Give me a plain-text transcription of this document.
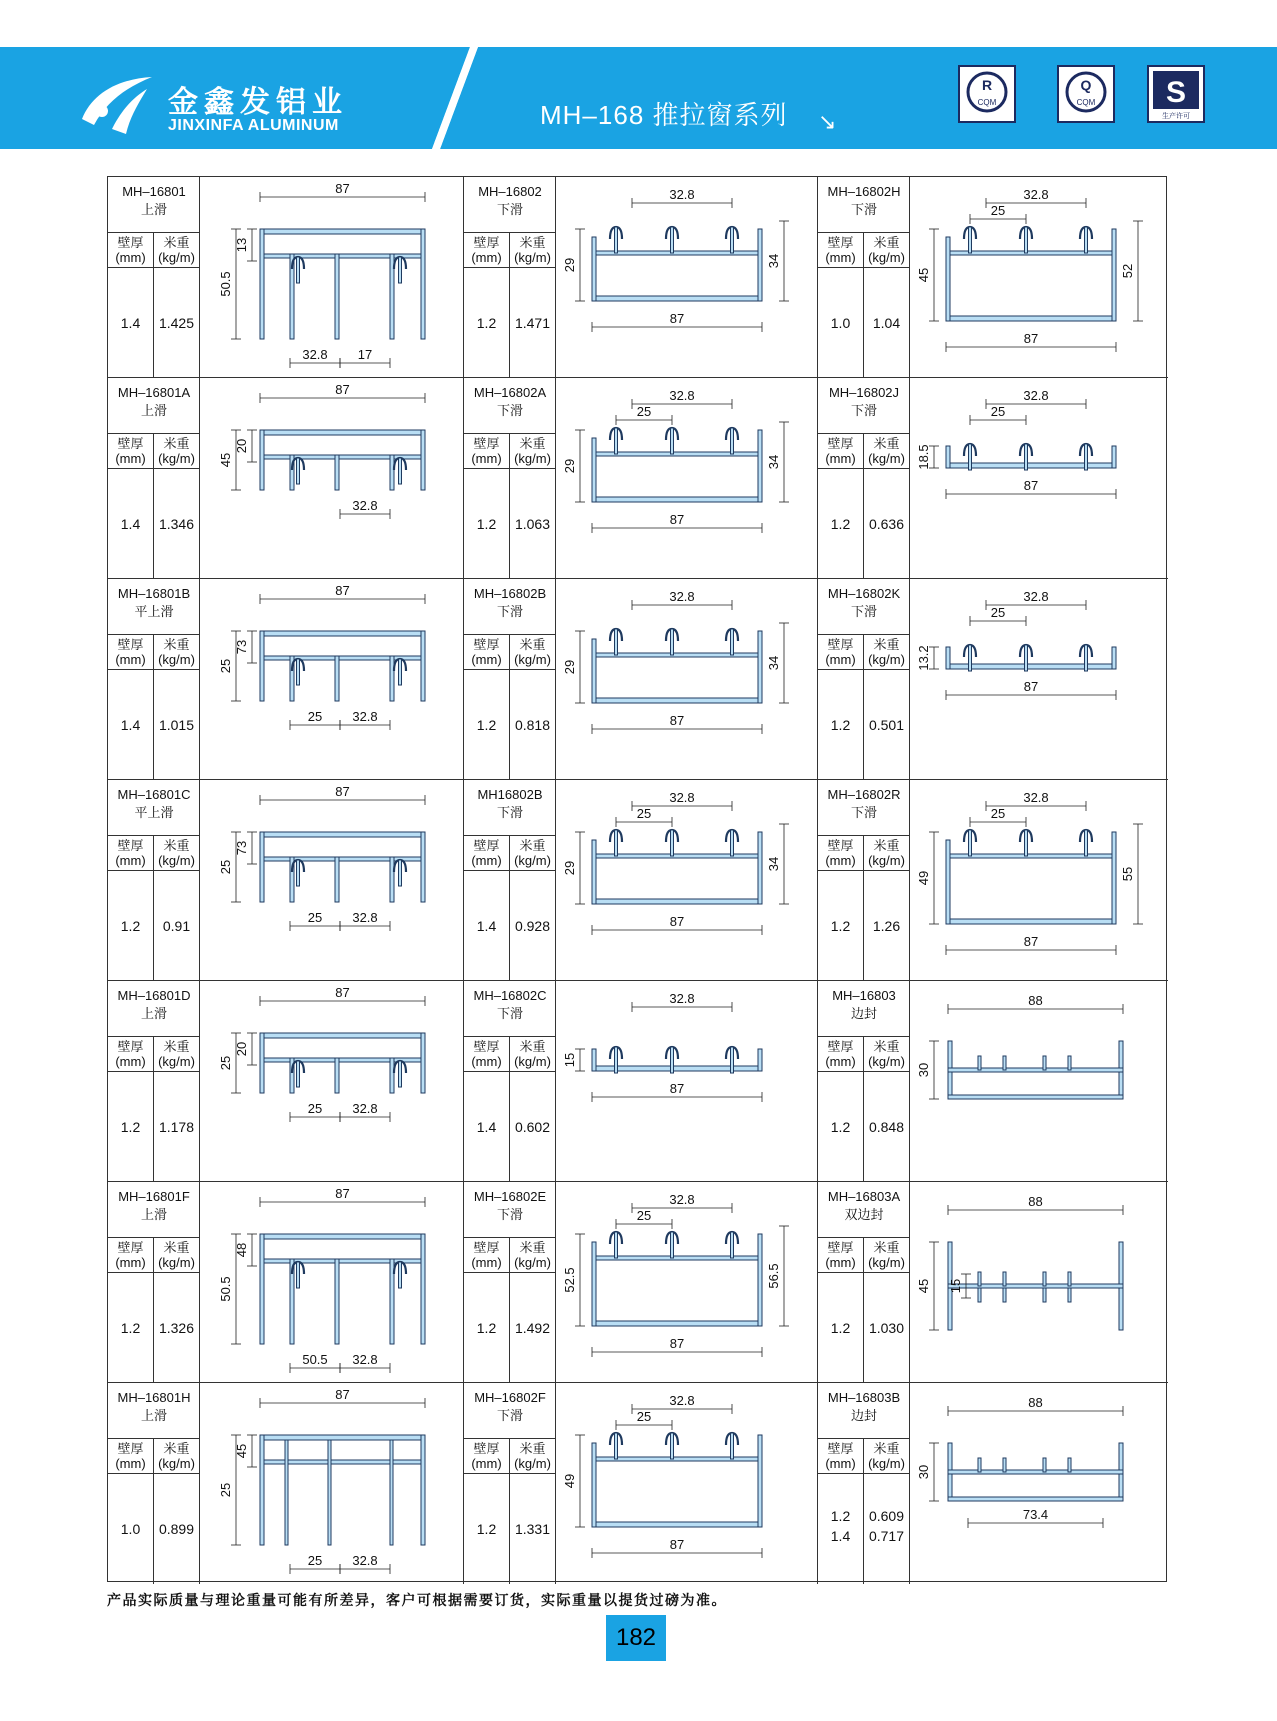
金鑫发铝业
JINXINFA ALUMINUM	MH–168 推拉窗系列 ↘
R
CQM
Q
CQM S
生产许可
MH–16801
上滑
壁厚
(mm)
米重
(kg/m)
1.4	1.425
87
50.5
13
17
32.8
MH–16801A
上滑
壁厚
(mm)
米重
(kg/m)
1.4	1.346
87
45
20
32.8
MH–16801B
平上滑
壁厚
(mm)
米重
(kg/m)
1.4	1.015
87
25
73
32.8
25
MH–16801C
平上滑
壁厚
(mm)
米重
(kg/m)
1.2	0.91
87
25
73
32.8
25
MH–16801D
上滑
壁厚
(mm)
米重
(kg/m)
1.2	1.178
87
25
20
32.8
25
MH–16801F
上滑
壁厚
(mm)
米重
(kg/m)
1.2	1.326
87
50.5
48
32.8
50.5
MH–16801H
上滑
壁厚
(mm)
米重
(kg/m)
1.0	0.899
87
25
45
32.8
25
MH–16802
下滑
壁厚
(mm)
米重
(kg/m)
1.2	1.471
32.8
87
29	34
MH–16802A
下滑
壁厚
(mm)
米重
(kg/m)
1.2	1.063
32.8
87
29	34
25
MH–16802B
下滑
壁厚
(mm)
米重
(kg/m)
1.2	0.818
32.8
87
29	34
MH16802B
下滑
壁厚
(mm)
米重
(kg/m)
1.4	0.928
32.8
87
29	34
25
MH–16802C
下滑
壁厚
(mm)
米重
(kg/m)
1.4	0.602
32.8
87
15
MH–16802E
下滑
壁厚
(mm)
米重
(kg/m)
1.2	1.492
32.8
87
52.5	56.5
25
MH–16802F
下滑
壁厚
(mm)
米重
(kg/m)
1.2	1.331
32.8
87
49
25
MH–16802H
下滑
壁厚
(mm)
米重
(kg/m)
1.0	1.04
32.8
87
45	52
25
MH–16802J
下滑
壁厚
(mm)
米重
(kg/m)
1.2	0.636
32.8
87
18.5
25
MH–16802K
下滑
壁厚
(mm)
米重
(kg/m)
1.2	0.501
32.8
87
13.2
25
MH–16802R
下滑
壁厚
(mm)
米重
(kg/m)
1.2	1.26
32.8
87
49	55
25
MH–16803
边封
壁厚
(mm)
米重
(kg/m)
1.2	0.848
88
30
MH–16803A
双边封
壁厚
(mm)
米重
(kg/m)
1.2	1.030
88
45 15
MH–16803B
边封
壁厚
(mm)
米重
(kg/m)
1.2	0.609
1.4	0.717
88
30
73.4
产品实际质量与理论重量可能有所差异，客户可根据需要订货，实际重量以提货过磅为准。
182
